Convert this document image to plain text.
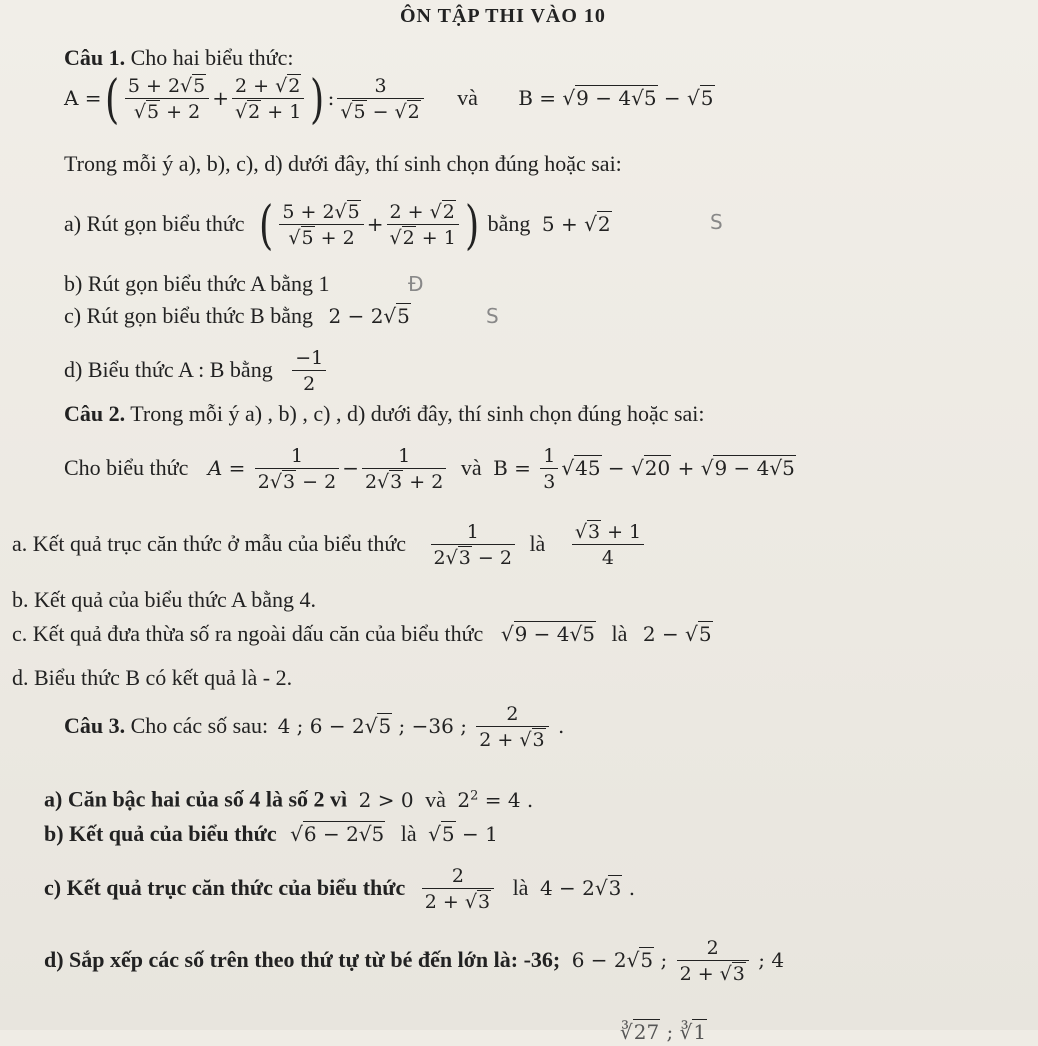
ÔN TẬP THI VÀO 10
Câu 1. Cho hai biểu thức:
A =( $\frac{5 + 2√5}{√5 + 2} + \frac{2 + √2}{√2 + 1}$ ) : $\frac{3}{√5 - √2}$ và B = √9 − 4√5 − √5
Trong mỗi ý a), b), c), d) dưới đây, thí sinh chọn đúng hoặc sai:
a) Rút gọn biểu thức ( $\frac{5 + 2√5}{√5 + 2} + \frac{2 + √2}{√2 + 1}$ ) bằng 5 + √2	S
b) Rút gọn biểu thức A bằng 1	Đ
c) Rút gọn biểu thức B bằng 2 − 2√5	S
d) Biểu thức A : B bằng $\frac{-1}{2}$
Câu 2. Trong mỗi ý a) , b) , c) , d) dưới đây, thí sinh chọn đúng hoặc sai:
Cho biểu thức $A = \frac{1}{2√3 - 2} - \frac{1}{2√3 + 2}$ và $B = \frac{1}{3} √45 - √20 + √9 - 4√5$
a. Kết quả trục căn thức ở mẫu của biểu thức $\frac{1}{2√3 - 2}$ là $\frac{√3 + 1}{4}$
b. Kết quả của biểu thức A bằng 4.
c. Kết quả đưa thừa số ra ngoài dấu căn của biểu thức √9 − 4√5 là 2 − √5
d. Biểu thức B có kết quả là - 2.
Câu 3. Cho các số sau: 4 ; 6 − 2√5 ; −36 ; $\frac{2}{2 + √3}$ .
a) Căn bậc hai của số 4 là số 2 vì 2 > 0 và $2^2 = 4$ .
b) Kết quả của biểu thức √6 − 2√5 là √5 − 1
c) Kết quả trục căn thức của biểu thức $\frac{2}{2 + √3}$ là 4 − 2√3 .
d) Sắp xếp các số trên theo thứ tự từ bé đến lớn là: -36; 6 − 2√5 ; $\frac{2}{2 + √3}$ ; 4
∛27 ; ∛1
